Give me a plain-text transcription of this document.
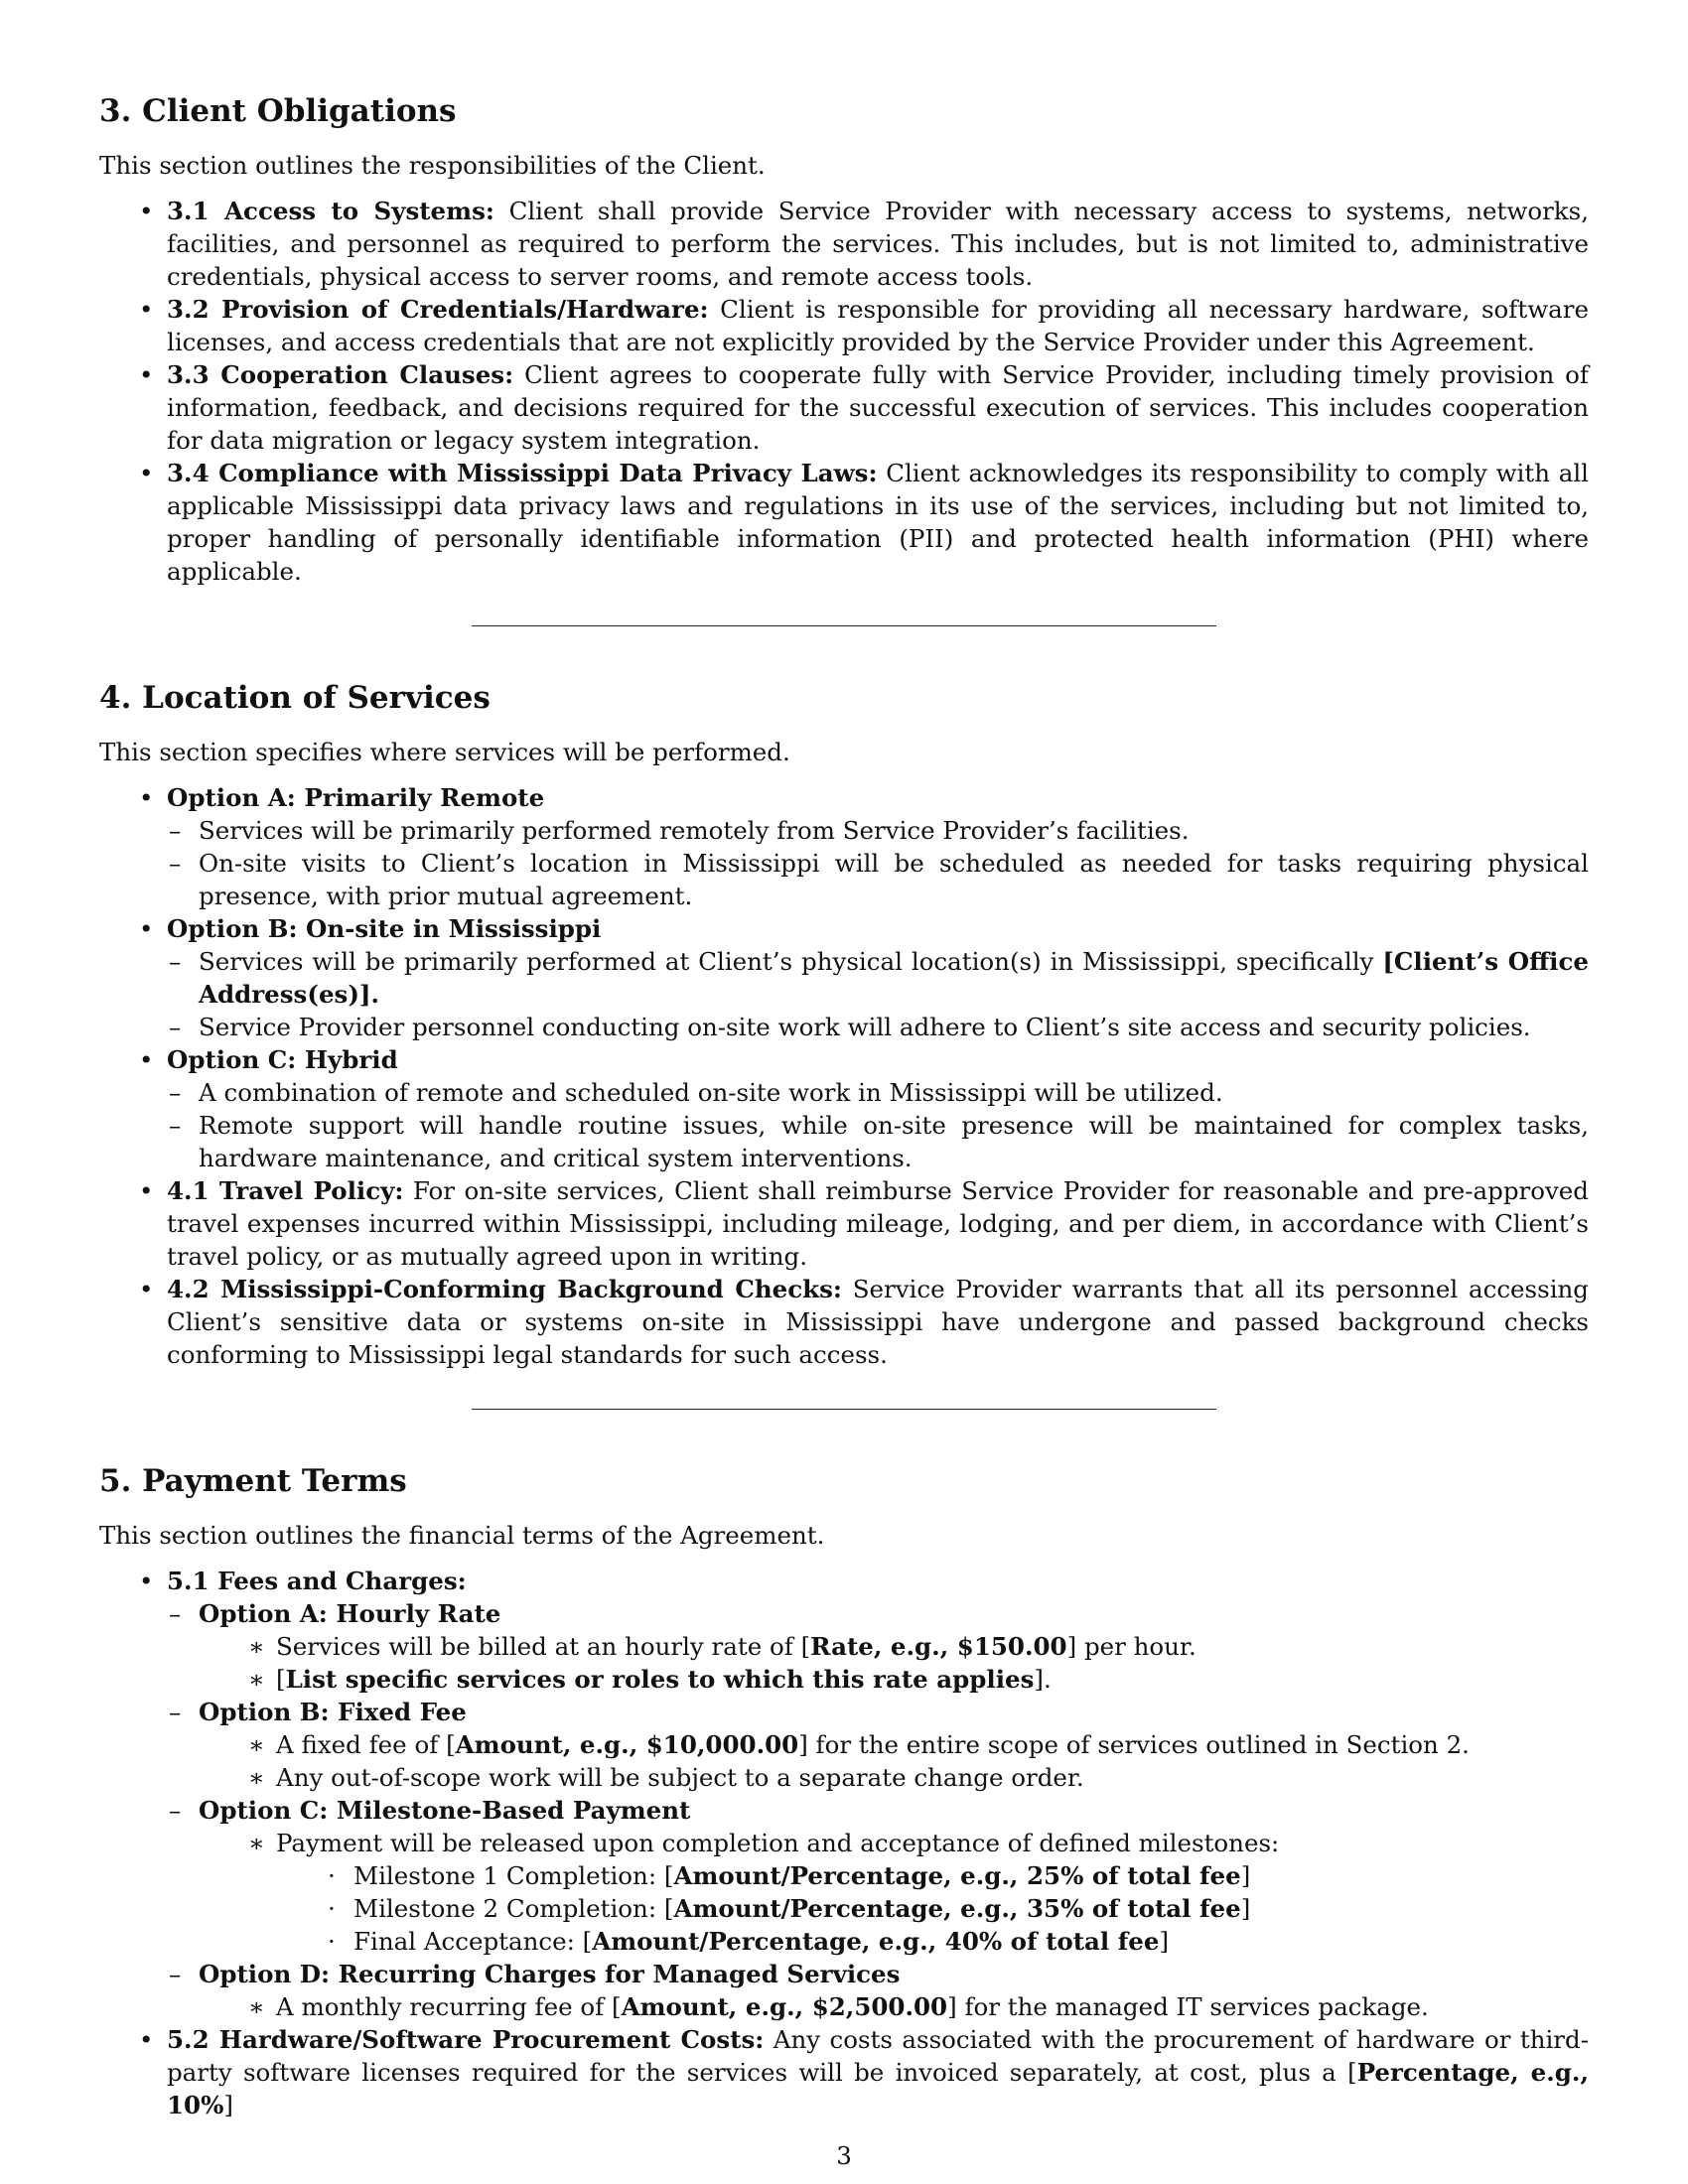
3. Client Obligations

This section outlines the responsibilities of the Client.

• 3.1 Access to Systems: Client shall provide Service Provider with necessary access to systems, networks, facilities, and personnel as required to perform the services. This includes, but is not limited to, administrative credentials, physical access to server rooms, and remote access tools.
• 3.2 Provision of Credentials/Hardware: Client is responsible for providing all necessary hardware, software licenses, and access credentials that are not explicitly provided by the Service Provider under this Agreement.
• 3.3 Cooperation Clauses: Client agrees to cooperate fully with Service Provider, including timely provision of information, feedback, and decisions required for the successful execution of services. This includes cooperation for data migration or legacy system integration.
• 3.4 Compliance with Mississippi Data Privacy Laws: Client acknowledges its responsibility to comply with all applicable Mississippi data privacy laws and regulations in its use of the services, including but not limited to, proper handling of personally identifiable information (PII) and protected health information (PHI) where applicable.
4. Location of Services

This section specifies where services will be performed.

• Option A: Primarily Remote
– Services will be primarily performed remotely from Service Provider’s facilities.
– On-site visits to Client’s location in Mississippi will be scheduled as needed for tasks requiring physical presence, with prior mutual agreement.
• Option B: On-site in Mississippi
– Services will be primarily performed at Client’s physical location(s) in Mississippi, specifically [Client’s Office Address(es)].
– Service Provider personnel conducting on-site work will adhere to Client’s site access and security policies.
• Option C: Hybrid
– A combination of remote and scheduled on-site work in Mississippi will be utilized.
– Remote support will handle routine issues, while on-site presence will be maintained for complex tasks, hardware maintenance, and critical system interventions.
• 4.1 Travel Policy: For on-site services, Client shall reimburse Service Provider for reasonable and pre-approved travel expenses incurred within Mississippi, including mileage, lodging, and per diem, in accordance with Client’s travel policy, or as mutually agreed upon in writing.
• 4.2 Mississippi-Conforming Background Checks: Service Provider warrants that all its personnel accessing Client’s sensitive data or systems on-site in Mississippi have undergone and passed background checks conforming to Mississippi legal standards for such access.
5. Payment Terms

This section outlines the financial terms of the Agreement.

• 5.1 Fees and Charges:
– Option A: Hourly Rate
∗ Services will be billed at an hourly rate of [Rate, e.g., $150.00] per hour.
∗ [List specific services or roles to which this rate applies].
– Option B: Fixed Fee
∗ A fixed fee of [Amount, e.g., $10,000.00] for the entire scope of services outlined in Section 2.
∗ Any out-of-scope work will be subject to a separate change order.
– Option C: Milestone-Based Payment
∗ Payment will be released upon completion and acceptance of defined milestones:
· Milestone 1 Completion: [Amount/Percentage, e.g., 25% of total fee]
· Milestone 2 Completion: [Amount/Percentage, e.g., 35% of total fee]
· Final Acceptance: [Amount/Percentage, e.g., 40% of total fee]
– Option D: Recurring Charges for Managed Services
∗ A monthly recurring fee of [Amount, e.g., $2,500.00] for the managed IT services package.
• 5.2 Hardware/Software Procurement Costs: Any costs associated with the procurement of hardware or third-party software licenses required for the services will be invoiced separately, at cost, plus a [Percentage, e.g., 10%]
3
